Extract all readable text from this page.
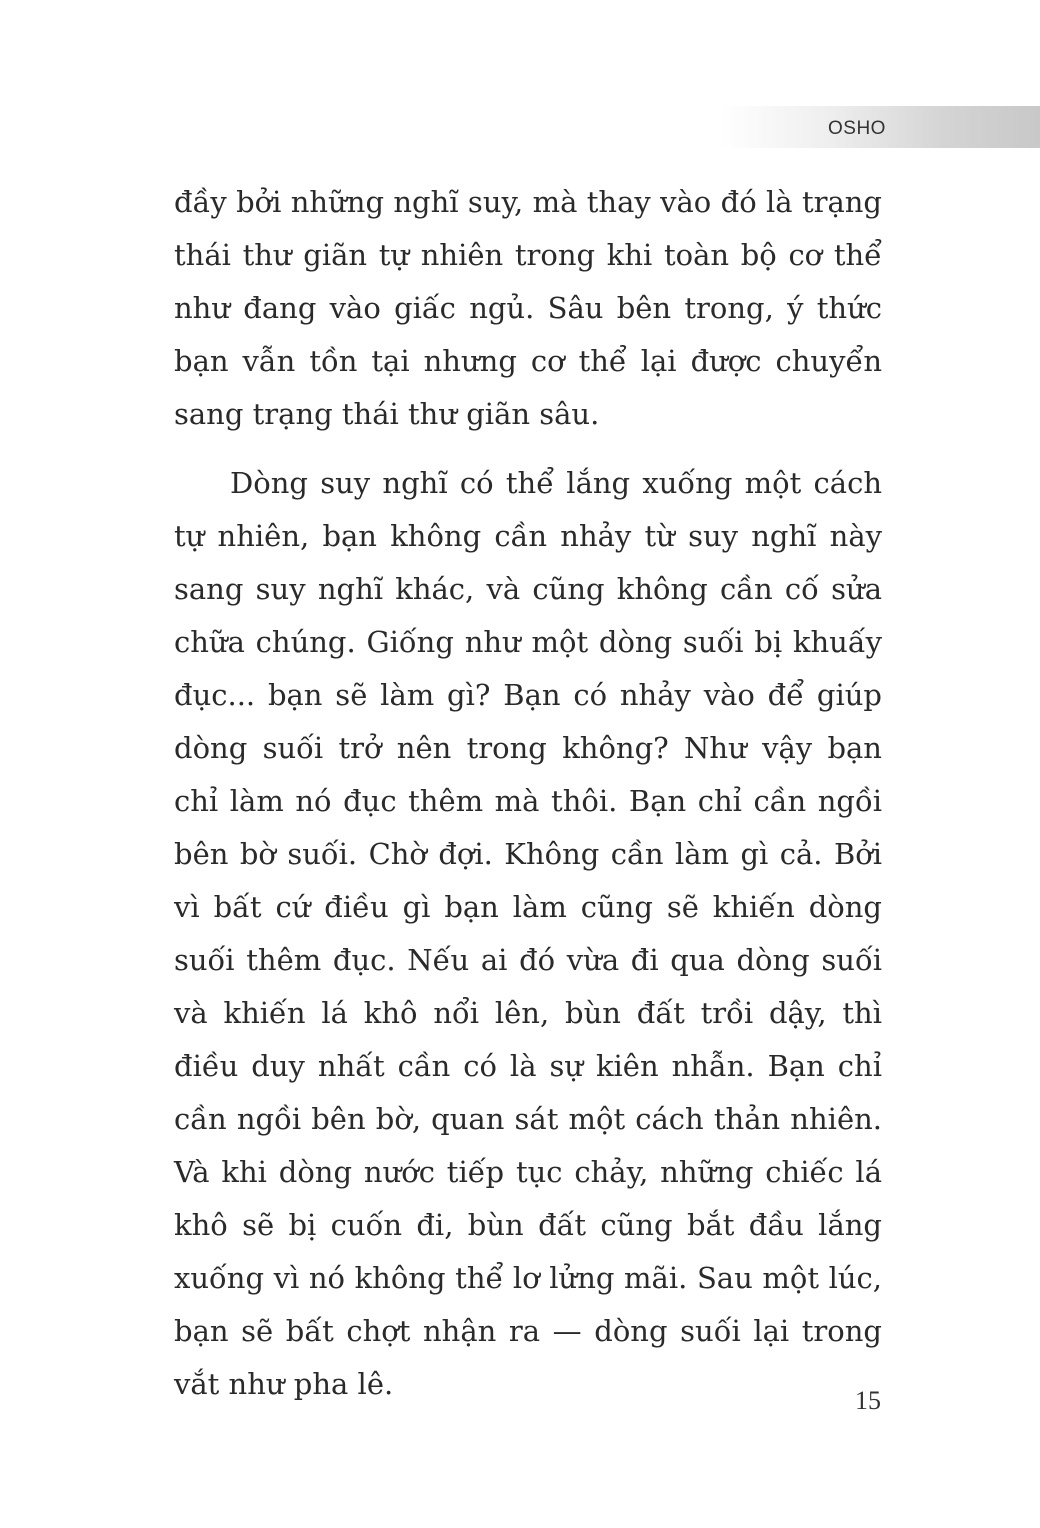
OSHO

đầy bởi những nghĩ suy, mà thay vào đó là trạng thái thư giãn tự nhiên trong khi toàn bộ cơ thể như đang vào giấc ngủ. Sâu bên trong, ý thức bạn vẫn tồn tại nhưng cơ thể lại được chuyển sang trạng thái thư giãn sâu.

Dòng suy nghĩ có thể lắng xuống một cách tự nhiên, bạn không cần nhảy từ suy nghĩ này sang suy nghĩ khác, và cũng không cần cố sửa chữa chúng. Giống như một dòng suối bị khuấy đục... bạn sẽ làm gì? Bạn có nhảy vào để giúp dòng suối trở nên trong không? Như vậy bạn chỉ làm nó đục thêm mà thôi. Bạn chỉ cần ngồi bên bờ suối. Chờ đợi. Không cần làm gì cả. Bởi vì bất cứ điều gì bạn làm cũng sẽ khiến dòng suối thêm đục. Nếu ai đó vừa đi qua dòng suối và khiến lá khô nổi lên, bùn đất trồi dậy, thì điều duy nhất cần có là sự kiên nhẫn. Bạn chỉ cần ngồi bên bờ, quan sát một cách thản nhiên. Và khi dòng nước tiếp tục chảy, những chiếc lá khô sẽ bị cuốn đi, bùn đất cũng bắt đầu lắng xuống vì nó không thể lơ lửng mãi. Sau một lúc, bạn sẽ bất chợt nhận ra — dòng suối lại trong vắt như pha lê.	15
